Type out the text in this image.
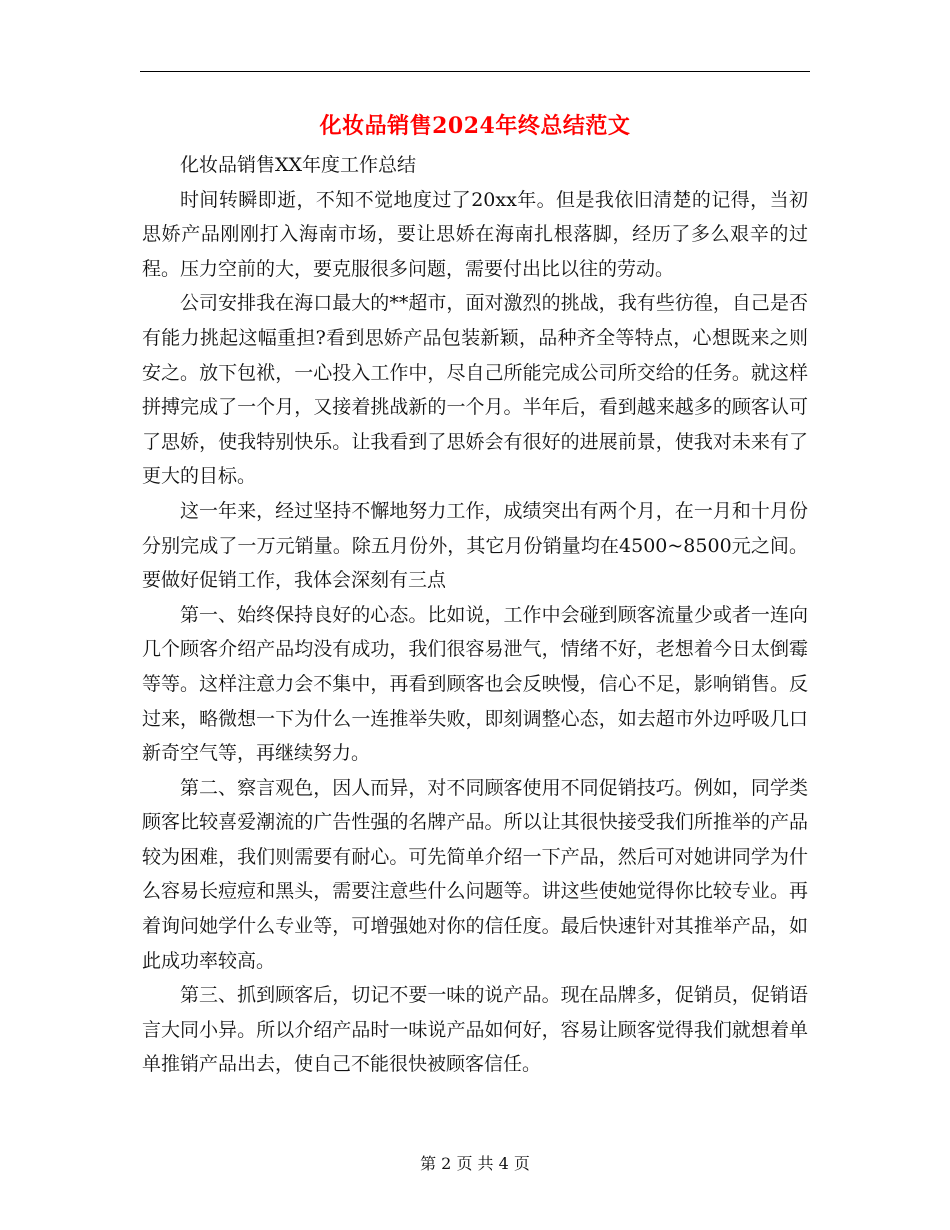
化妆品销售2024年终总结范文

化妆品销售XX年度工作总结

时间转瞬即逝，不知不觉地度过了20xx年。但是我依旧清楚的记得，当初思娇产品刚刚打入海南市场，要让思娇在海南扎根落脚，经历了多么艰辛的过程。压力空前的大，要克服很多问题，需要付出比以往的劳动。

公司安排我在海口最大的**超市，面对激烈的挑战，我有些彷徨，自己是否有能力挑起这幅重担?看到思娇产品包装新颖，品种齐全等特点，心想既来之则安之。放下包袱，一心投入工作中，尽自己所能完成公司所交给的任务。就这样拼搏完成了一个月，又接着挑战新的一个月。半年后，看到越来越多的顾客认可了思娇，使我特别快乐。让我看到了思娇会有很好的进展前景，使我对未来有了更大的目标。

这一年来，经过坚持不懈地努力工作，成绩突出有两个月，在一月和十月份分别完成了一万元销量。除五月份外，其它月份销量均在4500~8500元之间。 要做好促销工作，我体会深刻有三点

第一、始终保持良好的心态。比如说，工作中会碰到顾客流量少或者一连向几个顾客介绍产品均没有成功，我们很容易泄气，情绪不好，老想着今日太倒霉等等。这样注意力会不集中，再看到顾客也会反映慢，信心不足，影响销售。反过来，略微想一下为什么一连推举失败，即刻调整心态，如去超市外边呼吸几口新奇空气等，再继续努力。

第二、察言观色，因人而异，对不同顾客使用不同促销技巧。例如，同学类顾客比较喜爱潮流的广告性强的名牌产品。所以让其很快接受我们所推举的产品较为困难，我们则需要有耐心。可先简单介绍一下产品，然后可对她讲同学为什么容易长痘痘和黑头，需要注意些什么问题等。讲这些使她觉得你比较专业。再着询问她学什么专业等，可增强她对你的信任度。最后快速针对其推举产品，如此成功率较高。

第三、抓到顾客后，切记不要一味的说产品。现在品牌多，促销员，促销语言大同小异。所以介绍产品时一味说产品如何好，容易让顾客觉得我们就想着单单推销产品出去，使自己不能很快被顾客信任。

第 2 页 共 4 页
